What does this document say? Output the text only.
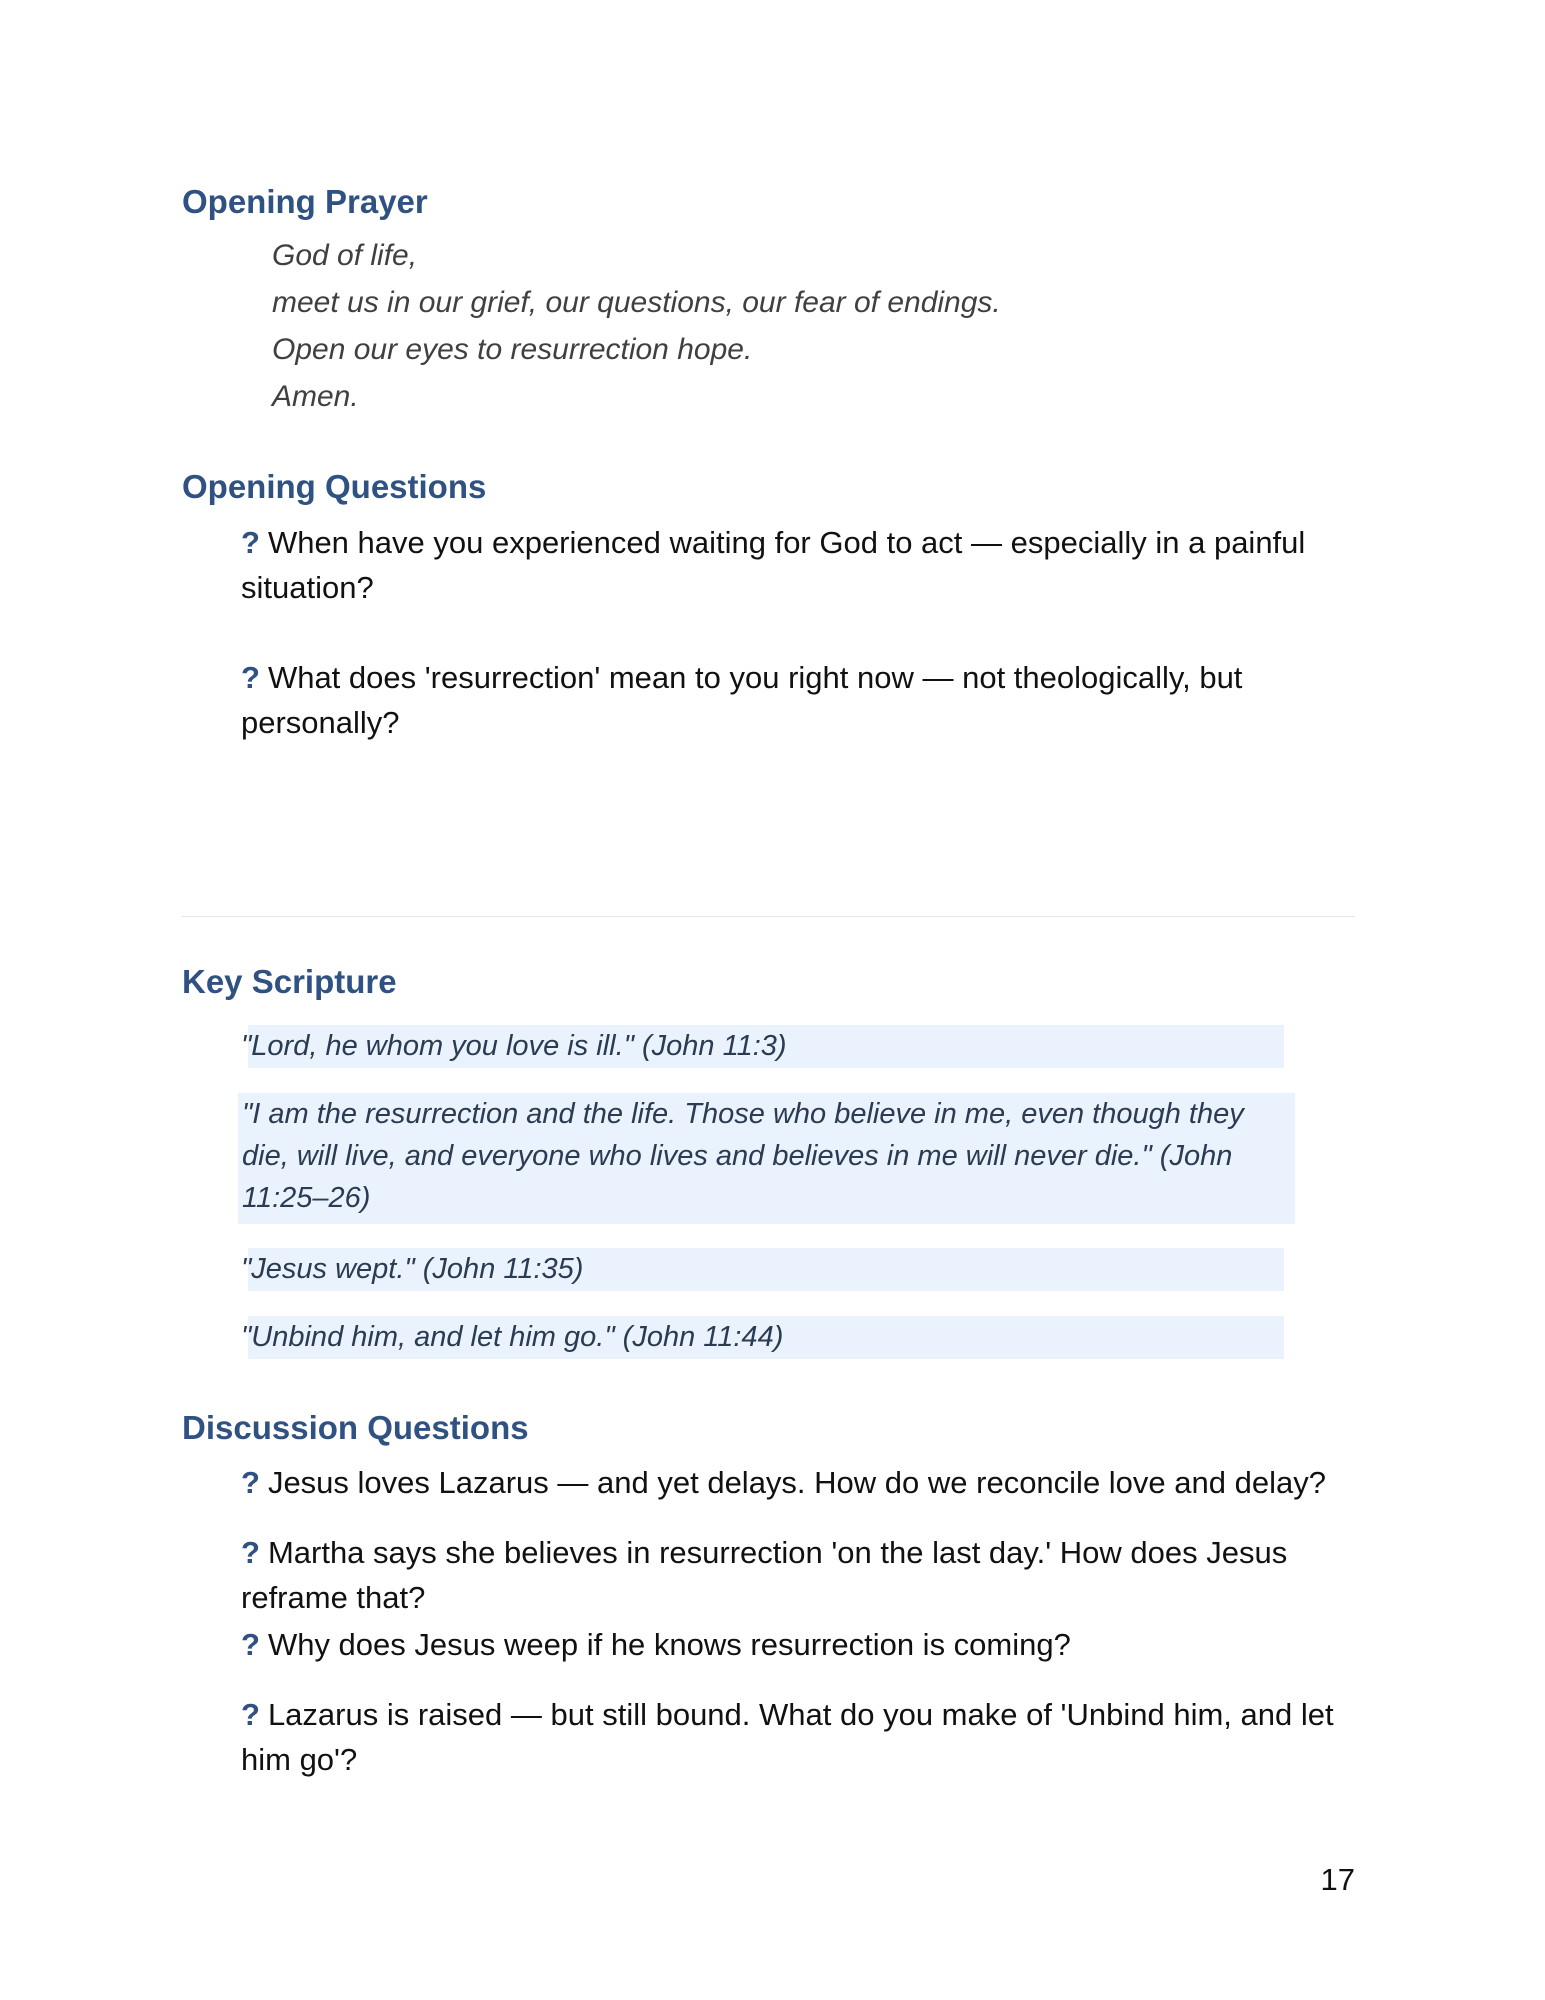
Opening Prayer
God of life,
meet us in our grief, our questions, our fear of endings.
Open our eyes to resurrection hope.
Amen.
Opening Questions
? When have you experienced waiting for God to act — especially in a painful situation?
? What does 'resurrection' mean to you right now — not theologically, but personally?
Key Scripture
"Lord, he whom you love is ill." (John 11:3)
"I am the resurrection and the life. Those who believe in me, even though they die, will live, and everyone who lives and believes in me will never die." (John 11:25–26)
"Jesus wept." (John 11:35)
"Unbind him, and let him go." (John 11:44)
Discussion Questions
? Jesus loves Lazarus — and yet delays. How do we reconcile love and delay?
? Martha says she believes in resurrection 'on the last day.' How does Jesus reframe that?
? Why does Jesus weep if he knows resurrection is coming?
? Lazarus is raised — but still bound. What do you make of 'Unbind him, and let him go'?
17
